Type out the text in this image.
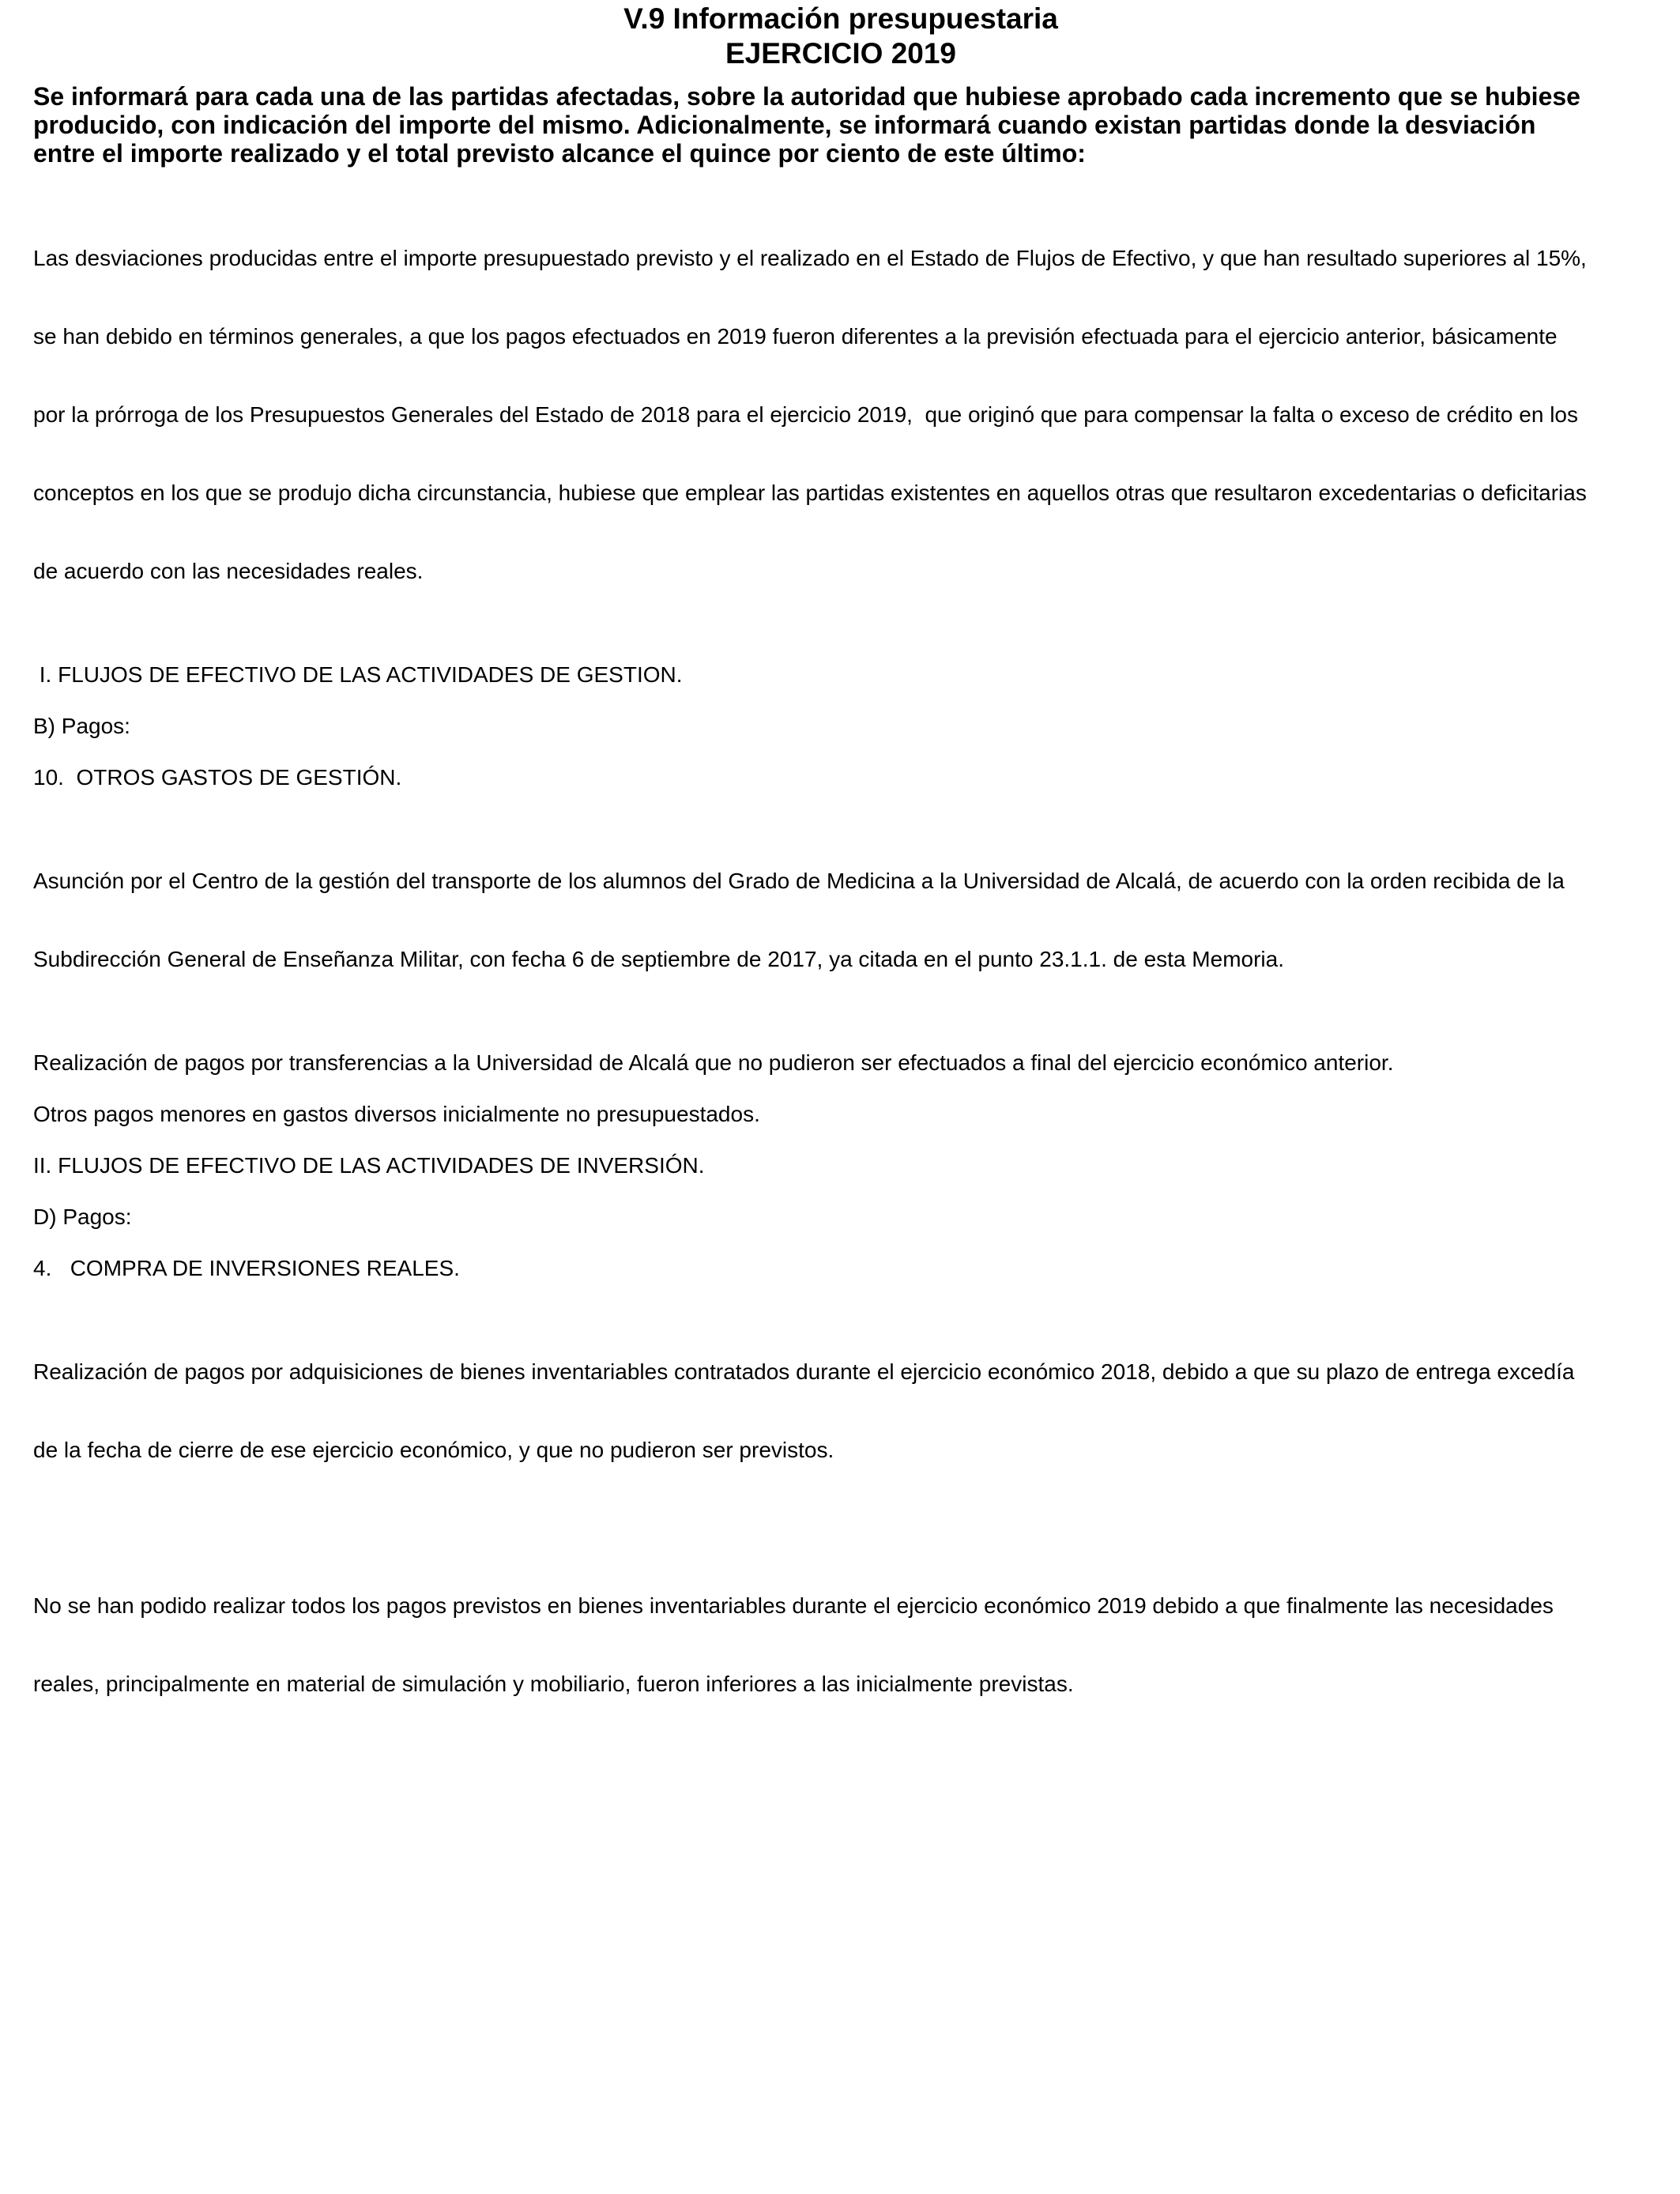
V.9 Información presupuestaria
EJERCICIO 2019
Se informará para cada una de las partidas afectadas, sobre la autoridad que hubiese aprobado cada incremento que se hubiese
producido, con indicación del importe del mismo. Adicionalmente, se informará cuando existan partidas donde la desviación
entre el importe realizado y el total previsto alcance el quince por ciento de este último:

Las desviaciones producidas entre el importe presupuestado previsto y el realizado en el Estado de Flujos de Efectivo, y que han resultado superiores al 15%,

se han debido en términos generales, a que los pagos efectuados en 2019 fueron diferentes a la previsión efectuada para el ejercicio anterior, básicamente

por la prórroga de los Presupuestos Generales del Estado de 2018 para el ejercicio 2019,  que originó que para compensar la falta o exceso de crédito en los

conceptos en los que se produjo dicha circunstancia, hubiese que emplear las partidas existentes en aquellos otras que resultaron excedentarias o deficitarias

de acuerdo con las necesidades reales.

I. FLUJOS DE EFECTIVO DE LAS ACTIVIDADES DE GESTION.
B) Pagos:
10.  OTROS GASTOS DE GESTIÓN.

Asunción por el Centro de la gestión del transporte de los alumnos del Grado de Medicina a la Universidad de Alcalá, de acuerdo con la orden recibida de la

Subdirección General de Enseñanza Militar, con fecha 6 de septiembre de 2017, ya citada en el punto 23.1.1. de esta Memoria.

Realización de pagos por transferencias a la Universidad de Alcalá que no pudieron ser efectuados a final del ejercicio económico anterior.
Otros pagos menores en gastos diversos inicialmente no presupuestados.
II. FLUJOS DE EFECTIVO DE LAS ACTIVIDADES DE INVERSIÓN.
D) Pagos:
4.   COMPRA DE INVERSIONES REALES.

Realización de pagos por adquisiciones de bienes inventariables contratados durante el ejercicio económico 2018, debido a que su plazo de entrega excedía

de la fecha de cierre de ese ejercicio económico, y que no pudieron ser previstos.

No se han podido realizar todos los pagos previstos en bienes inventariables durante el ejercicio económico 2019 debido a que finalmente las necesidades

reales, principalmente en material de simulación y mobiliario, fueron inferiores a las inicialmente previstas.
